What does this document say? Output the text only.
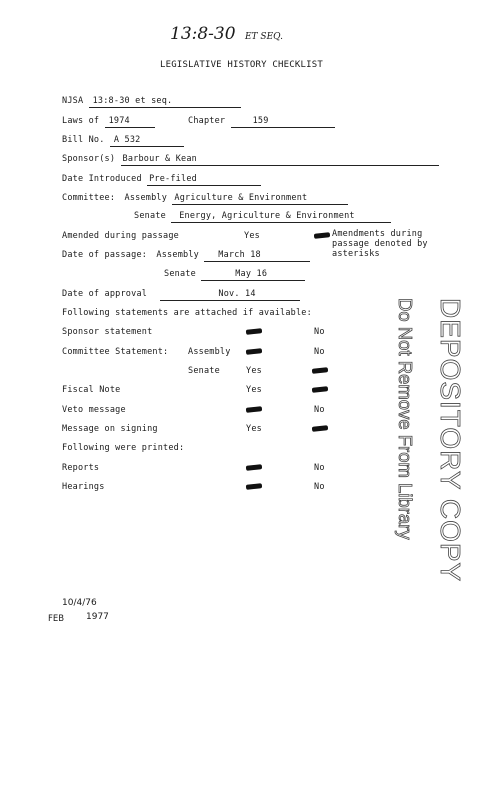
13:8-30 ET SEQ.
LEGISLATIVE HISTORY CHECKLIST
NJSA 13:8-30 et seq.
Laws of 1974	Chapter	159
Bill No. A 532
Sponsor(s) Barbour & Kean
Date Introduced Pre-filed
Committee: Assembly Agriculture & Environment
Senate Energy, Agriculture & Environment
Amended during passage	Yes	Amendments during
passage denoted by
asterisks
Date of passage: Assembly March 18
Senate	May 16
Date of approval	Nov. 14
Following statements are attached if available:
Sponsor statement	No
Committee Statement: Assembly	No
Senate	Yes
Fiscal Note	Yes
Veto message	No
Message on signing	Yes
Following were printed:
Reports	No
Hearings	No	DEPOSITORY COPY
Do Not Remove From Library
10/4/76
FEB 1977
